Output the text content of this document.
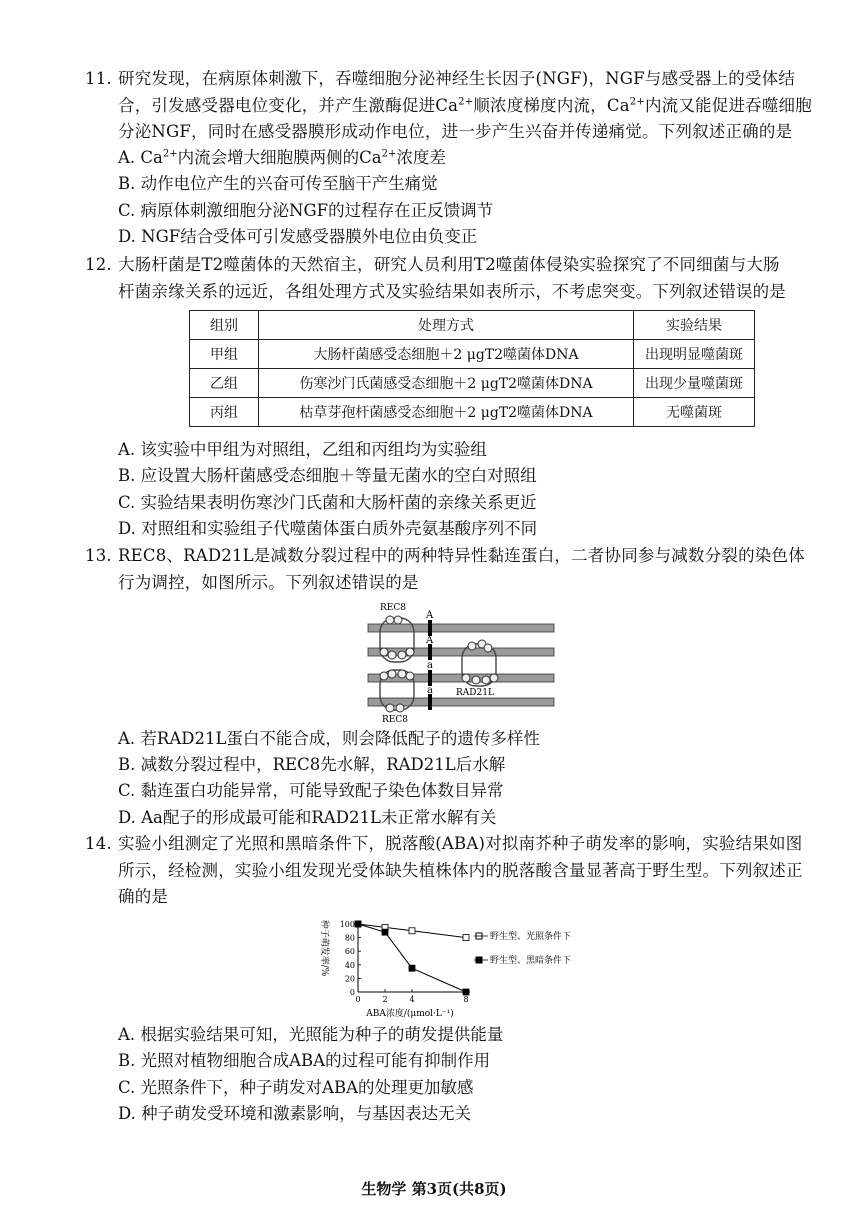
11. 研究发现，在病原体刺激下，吞噬细胞分泌神经生长因子(NGF)，NGF与感受器上的受体结
合，引发感受器电位变化，并产生激酶促进$Ca^{2+}$顺浓度梯度内流，$Ca^{2+}$内流又能促进吞噬细胞
分泌NGF，同时在感受器膜形成动作电位，进一步产生兴奋并传递痛觉。下列叙述正确的是
A. $Ca^{2+}$内流会增大细胞膜两侧的$Ca^{2+}$浓度差
B. 动作电位产生的兴奋可传至脑干产生痛觉
C. 病原体刺激细胞分泌NGF的过程存在正反馈调节
D. NGF结合受体可引发感受器膜外电位由负变正
12. 大肠杆菌是T2噬菌体的天然宿主，研究人员利用T2噬菌体侵染实验探究了不同细菌与大肠
杆菌亲缘关系的远近，各组处理方式及实验结果如表所示，不考虑突变。下列叙述错误的是
组别	处理方式	实验结果
甲组	大肠杆菌感受态细胞＋2 μgT2噬菌体DNA	出现明显噬菌斑
乙组	伤寒沙门氏菌感受态细胞＋2 μgT2噬菌体DNA	出现少量噬菌斑
丙组	枯草芽孢杆菌感受态细胞＋2 μgT2噬菌体DNA	无噬菌斑
A. 该实验中甲组为对照组，乙组和丙组均为实验组
B. 应设置大肠杆菌感受态细胞＋等量无菌水的空白对照组
C. 实验结果表明伤寒沙门氏菌和大肠杆菌的亲缘关系更近
D. 对照组和实验组子代噬菌体蛋白质外壳氨基酸序列不同
13. REC8、RAD21L是减数分裂过程中的两种特异性黏连蛋白，二者协同参与减数分裂的染色体
行为调控，如图所示。下列叙述错误的是
A
A
a
a
REC8
REC8
RAD21L
A. 若RAD21L蛋白不能合成，则会降低配子的遗传多样性
B. 减数分裂过程中，REC8先水解，RAD21L后水解
C. 黏连蛋白功能异常，可能导致配子染色体数目异常
D. Aa配子的形成最可能和RAD21L未正常水解有关
14. 实验小组测定了光照和黑暗条件下，脱落酸(ABA)对拟南芥种子萌发率的影响，实验结果如图
所示，经检测，实验小组发现光受体缺失植株体内的脱落酸含量显著高于野生型。下列叙述正
确的是
0
20
40
60
80
100
0	2	4	8
种子萌发率/%
ABA浓度/(μmol·L⁻¹)
野生型、光照条件下
野生型、黑暗条件下
A. 根据实验结果可知，光照能为种子的萌发提供能量
B. 光照对植物细胞合成ABA的过程可能有抑制作用
C. 光照条件下，种子萌发对ABA的处理更加敏感
D. 种子萌发受环境和激素影响，与基因表达无关
生物学 第3页(共8页)
